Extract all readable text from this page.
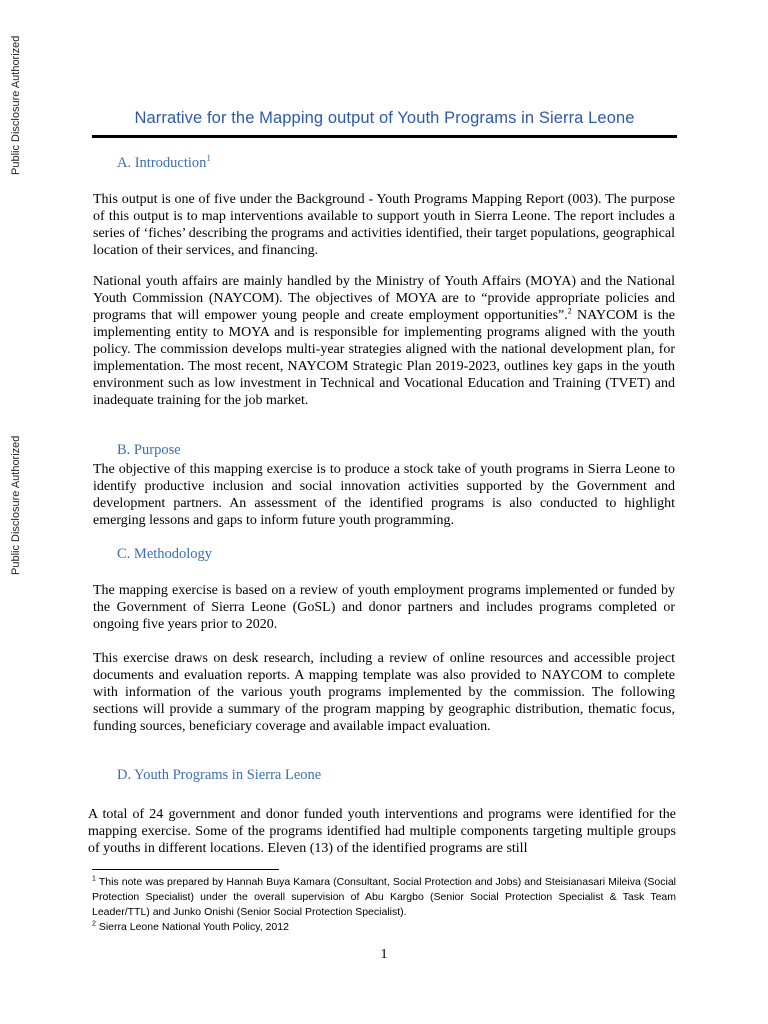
Public Disclosure Authorized
Public Disclosure Authorized
Narrative for the Mapping output of Youth Programs in Sierra Leone
A. Introduction$^1$
This output is one of five under the Background - Youth Programs Mapping Report (003). The purpose of this output is to map interventions available to support youth in Sierra Leone. The report includes a series of ‘fiches’ describing the programs and activities identified, their target populations, geographical location of their services, and financing.
National youth affairs are mainly handled by the Ministry of Youth Affairs (MOYA) and the National Youth Commission (NAYCOM). The objectives of MOYA are to “provide appropriate policies and programs that will empower young people and create employment opportunities”.$^2$ NAYCOM is the implementing entity to MOYA and is responsible for implementing programs aligned with the youth policy. The commission develops multi-year strategies aligned with the national development plan, for implementation. The most recent, NAYCOM Strategic Plan 2019-2023, outlines key gaps in the youth environment such as low investment in Technical and Vocational Education and Training (TVET) and inadequate training for the job market.
B. Purpose
The objective of this mapping exercise is to produce a stock take of youth programs in Sierra Leone to identify productive inclusion and social innovation activities supported by the Government and development partners. An assessment of the identified programs is also conducted to highlight emerging lessons and gaps to inform future youth programming.
C. Methodology
The mapping exercise is based on a review of youth employment programs implemented or funded by the Government of Sierra Leone (GoSL) and donor partners and includes programs completed or ongoing five years prior to 2020.
This exercise draws on desk research, including a review of online resources and accessible project documents and evaluation reports. A mapping template was also provided to NAYCOM to complete with information of the various youth programs implemented by the commission. The following sections will provide a summary of the program mapping by geographic distribution, thematic focus, funding sources, beneficiary coverage and available impact evaluation.
D. Youth Programs in Sierra Leone
A total of 24 government and donor funded youth interventions and programs were identified for the mapping exercise. Some of the programs identified had multiple components targeting multiple groups of youths in different locations. Eleven (13) of the identified programs are still

$^1$ This note was prepared by Hannah Buya Kamara (Consultant, Social Protection and Jobs) and Steisianasari Mileiva (Social Protection Specialist) under the overall supervision of Abu Kargbo (Senior Social Protection Specialist & Task Team Leader/TTL) and Junko Onishi (Senior Social Protection Specialist).

$^2$ Sierra Leone National Youth Policy, 2012

1
